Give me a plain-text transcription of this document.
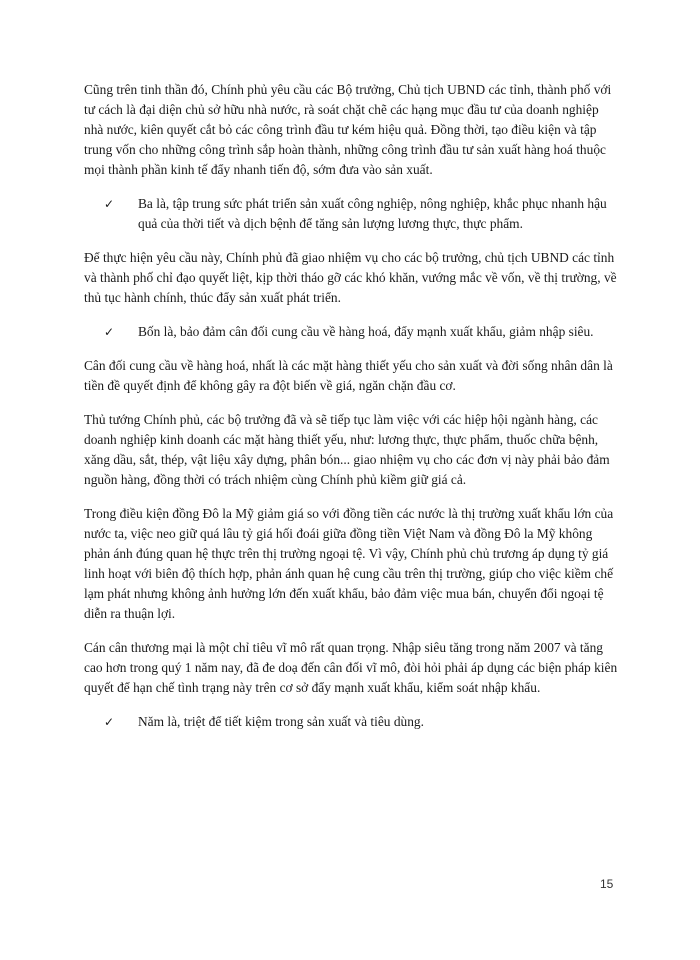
Cũng trên tinh thần đó, Chính phủ yêu cầu các Bộ trưởng, Chủ tịch UBND các tỉnh, thành phố với tư cách là đại diện chủ sở hữu nhà nước, rà soát chặt chẽ các hạng mục đầu tư của doanh nghiệp nhà nước, kiên quyết cắt bỏ các công trình đầu tư kém hiệu quả. Đồng thời, tạo điều kiện và tập trung vốn cho những công trình sắp hoàn thành, những công trình đầu tư sản xuất hàng hoá thuộc mọi thành phần kinh tế đẩy nhanh tiến độ, sớm đưa vào sản xuất.

✓ Ba là, tập trung sức phát triển sản xuất công nghiệp, nông nghiệp, khắc phục nhanh hậu quả của thời tiết và dịch bệnh để tăng sản lượng lương thực, thực phẩm.

Để thực hiện yêu cầu này, Chính phủ đã giao nhiệm vụ cho các bộ trưởng, chủ tịch UBND các tỉnh và thành phố chỉ đạo quyết liệt, kịp thời tháo gỡ các khó khăn, vướng mắc về vốn, về thị trường, về thủ tục hành chính, thúc đẩy sản xuất phát triển.

✓ Bốn là, bảo đảm cân đối cung cầu về hàng hoá, đẩy mạnh xuất khẩu, giảm nhập siêu.

Cân đối cung cầu về hàng hoá, nhất là các mặt hàng thiết yếu cho sản xuất và đời sống nhân dân là tiền đề quyết định để không gây ra đột biến về giá, ngăn chặn đầu cơ.

Thủ tướng Chính phủ, các bộ trưởng đã và sẽ tiếp tục làm việc với các hiệp hội ngành hàng, các doanh nghiệp kinh doanh các mặt hàng thiết yếu, như: lương thực, thực phẩm, thuốc chữa bệnh, xăng dầu, sắt, thép, vật liệu xây dựng, phân bón... giao nhiệm vụ cho các đơn vị này phải bảo đảm nguồn hàng, đồng thời có trách nhiệm cùng Chính phủ kiềm giữ giá cả.

Trong điều kiện đồng Đô la Mỹ giảm giá so với đồng tiền các nước là thị trường xuất khẩu lớn của nước ta, việc neo giữ quá lâu tỷ giá hối đoái giữa đồng tiền Việt Nam và đồng Đô la Mỹ không phản ánh đúng quan hệ thực trên thị trường ngoại tệ. Vì vậy, Chính phủ chủ trương áp dụng tỷ giá linh hoạt với biên độ thích hợp, phản ánh quan hệ cung cầu trên thị trường, giúp cho việc kiềm chế lạm phát nhưng không ảnh hưởng lớn đến xuất khẩu, bảo đảm việc mua bán, chuyển đổi ngoại tệ diễn ra thuận lợi.

Cán cân thương mại là một chỉ tiêu vĩ mô rất quan trọng. Nhập siêu tăng trong năm 2007 và tăng cao hơn trong quý 1 năm nay, đã đe doạ đến cân đối vĩ mô, đòi hỏi phải áp dụng các biện pháp kiên quyết để hạn chế tình trạng này trên cơ sở đẩy mạnh xuất khẩu, kiểm soát nhập khẩu.

✓ Năm là, triệt để tiết kiệm trong sản xuất và tiêu dùng.
15
